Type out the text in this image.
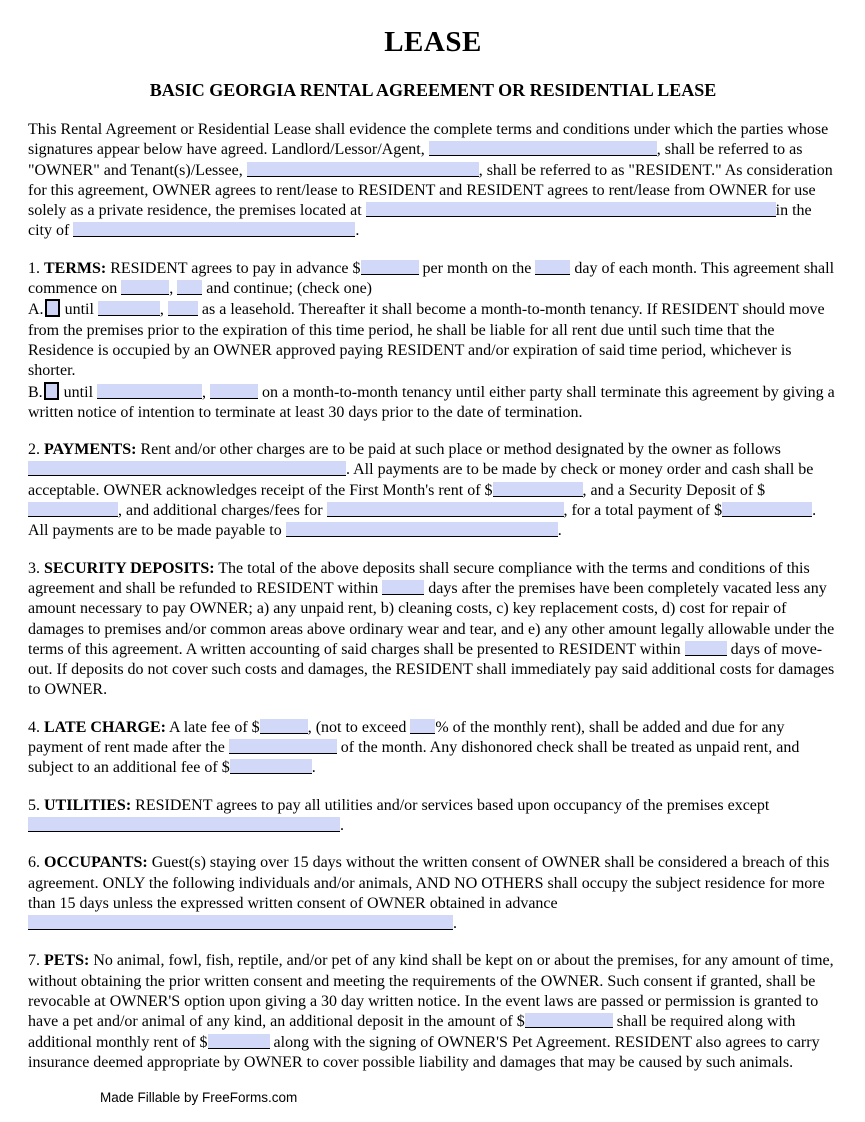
LEASE
BASIC GEORGIA RENTAL AGREEMENT OR RESIDENTIAL LEASE

This Rental Agreement or Residential Lease shall evidence the complete terms and conditions under which the parties whose signatures appear below have agreed. Landlord/Lessor/Agent,	, shall be referred to as "OWNER" and Tenant(s)/Lessee,	, shall be referred to as "RESIDENT." As consideration for this agreement, OWNER agrees to rent/lease to RESIDENT and RESIDENT agrees to rent/lease from OWNER for use solely as a private residence, the premises located at	in the city of	.

1. TERMS: RESIDENT agrees to pay in advance $	per month on the  day of each month. This agreement shall commence on	,  and continue; (check one)
A. until	,  as a leasehold. Thereafter it shall become a month-to-month tenancy. If RESIDENT should move from the premises prior to the expiration of this time period, he shall be liable for all rent due until such time that the Residence is occupied by an OWNER approved paying RESIDENT and/or expiration of said time period, whichever is shorter.
B. until	,	on a month-to-month tenancy until either party shall terminate this agreement by giving a written notice of intention to terminate at least 30 days prior to the date of termination.

2. PAYMENTS: Rent and/or other charges are to be paid at such place or method designated by the owner as follows . All payments are to be made by check or money order and cash shall be acceptable. OWNER acknowledges receipt of the First Month's rent of $	, and a Security Deposit of $, and additional charges/fees for	, for a total payment of $	. All payments are to be made payable to	.

3. SECURITY DEPOSITS: The total of the above deposits shall secure compliance with the terms and conditions of this agreement and shall be refunded to RESIDENT within	days after the premises have been completely vacated less any amount necessary to pay OWNER; a) any unpaid rent, b) cleaning costs, c) key replacement costs, d) cost for repair of damages to premises and/or common areas above ordinary wear and tear, and e) any other amount legally allowable under the terms of this agreement. A written accounting of said charges shall be presented to RESIDENT within	days of move-out. If deposits do not cover such costs and damages, the RESIDENT shall immediately pay said additional costs for damages to OWNER.

4. LATE CHARGE: A late fee of $	, (not to exceed % of the monthly rent), shall be added and due for any payment of rent made after the	of the month. Any dishonored check shall be treated as unpaid rent, and subject to an additional fee of $	.

5. UTILITIES: RESIDENT agrees to pay all utilities and/or services based upon occupancy of the premises except .

6. OCCUPANTS: Guest(s) staying over 15 days without the written consent of OWNER shall be considered a breach of this agreement. ONLY the following individuals and/or animals, AND NO OTHERS shall occupy the subject residence for more than 15 days unless the expressed written consent of OWNER obtained in advance .

7. PETS: No animal, fowl, fish, reptile, and/or pet of any kind shall be kept on or about the premises, for any amount of time, without obtaining the prior written consent and meeting the requirements of the OWNER. Such consent if granted, shall be revocable at OWNER'S option upon giving a 30 day written notice. In the event laws are passed or permission is granted to have a pet and/or animal of any kind, an additional deposit in the amount of $	shall be required along with additional monthly rent of $	along with the signing of OWNER'S Pet Agreement. RESIDENT also agrees to carry insurance deemed appropriate by OWNER to cover possible liability and damages that may be caused by such animals.

Made Fillable by FreeForms.com
